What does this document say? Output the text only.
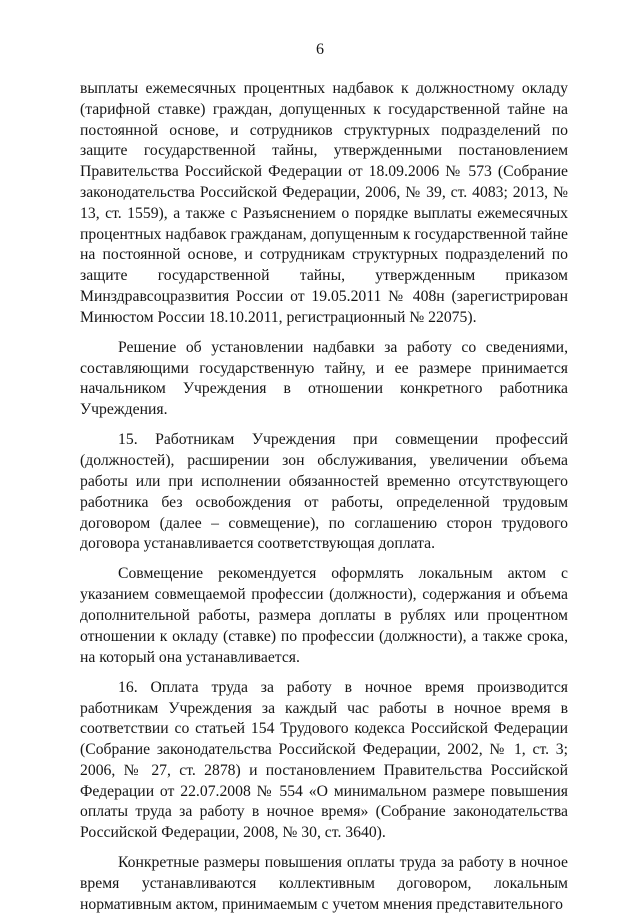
6

выплаты ежемесячных процентных надбавок к должностному окладу (тарифной ставке) граждан, допущенных к государственной тайне на постоянной основе, и сотрудников структурных подразделений по защите государственной тайны, утвержденными постановлением Правительства Российской Федерации от 18.09.2006 № 573 (Собрание законодательства Российской Федерации, 2006, № 39, ст. 4083; 2013, № 13, ст. 1559), а также с Разъяснением о порядке выплаты ежемесячных процентных надбавок гражданам, допущенным к государственной тайне на постоянной основе, и сотрудникам структурных подразделений по защите государственной тайны, утвержденным приказом Минздравсоцразвития России от 19.05.2011 № 408н (зарегистрирован Минюстом России 18.10.2011, регистрационный № 22075).

Решение об установлении надбавки за работу со сведениями, составляющими государственную тайну, и ее размере принимается начальником Учреждения в отношении конкретного работника Учреждения.

15. Работникам Учреждения при совмещении профессий (должностей), расширении зон обслуживания, увеличении объема работы или при исполнении обязанностей временно отсутствующего работника без освобождения от работы, определенной трудовым договором (далее – совмещение), по соглашению сторон трудового договора устанавливается соответствующая доплата.

Совмещение рекомендуется оформлять локальным актом с указанием совмещаемой профессии (должности), содержания и объема дополнительной работы, размера доплаты в рублях или процентном отношении к окладу (ставке) по профессии (должности), а также срока, на который она устанавливается.

16. Оплата труда за работу в ночное время производится работникам Учреждения за каждый час работы в ночное время в соответствии со статьей 154 Трудового кодекса Российской Федерации (Собрание законодательства Российской Федерации, 2002, № 1, ст. 3; 2006, № 27, ст. 2878) и постановлением Правительства Российской Федерации от 22.07.2008 № 554 «О минимальном размере повышения оплаты труда за работу в ночное время» (Собрание законодательства Российской Федерации, 2008, № 30, ст. 3640).

Конкретные размеры повышения оплаты труда за работу в ночное время устанавливаются коллективным договором, локальным нормативным актом, принимаемым с учетом мнения представительного
